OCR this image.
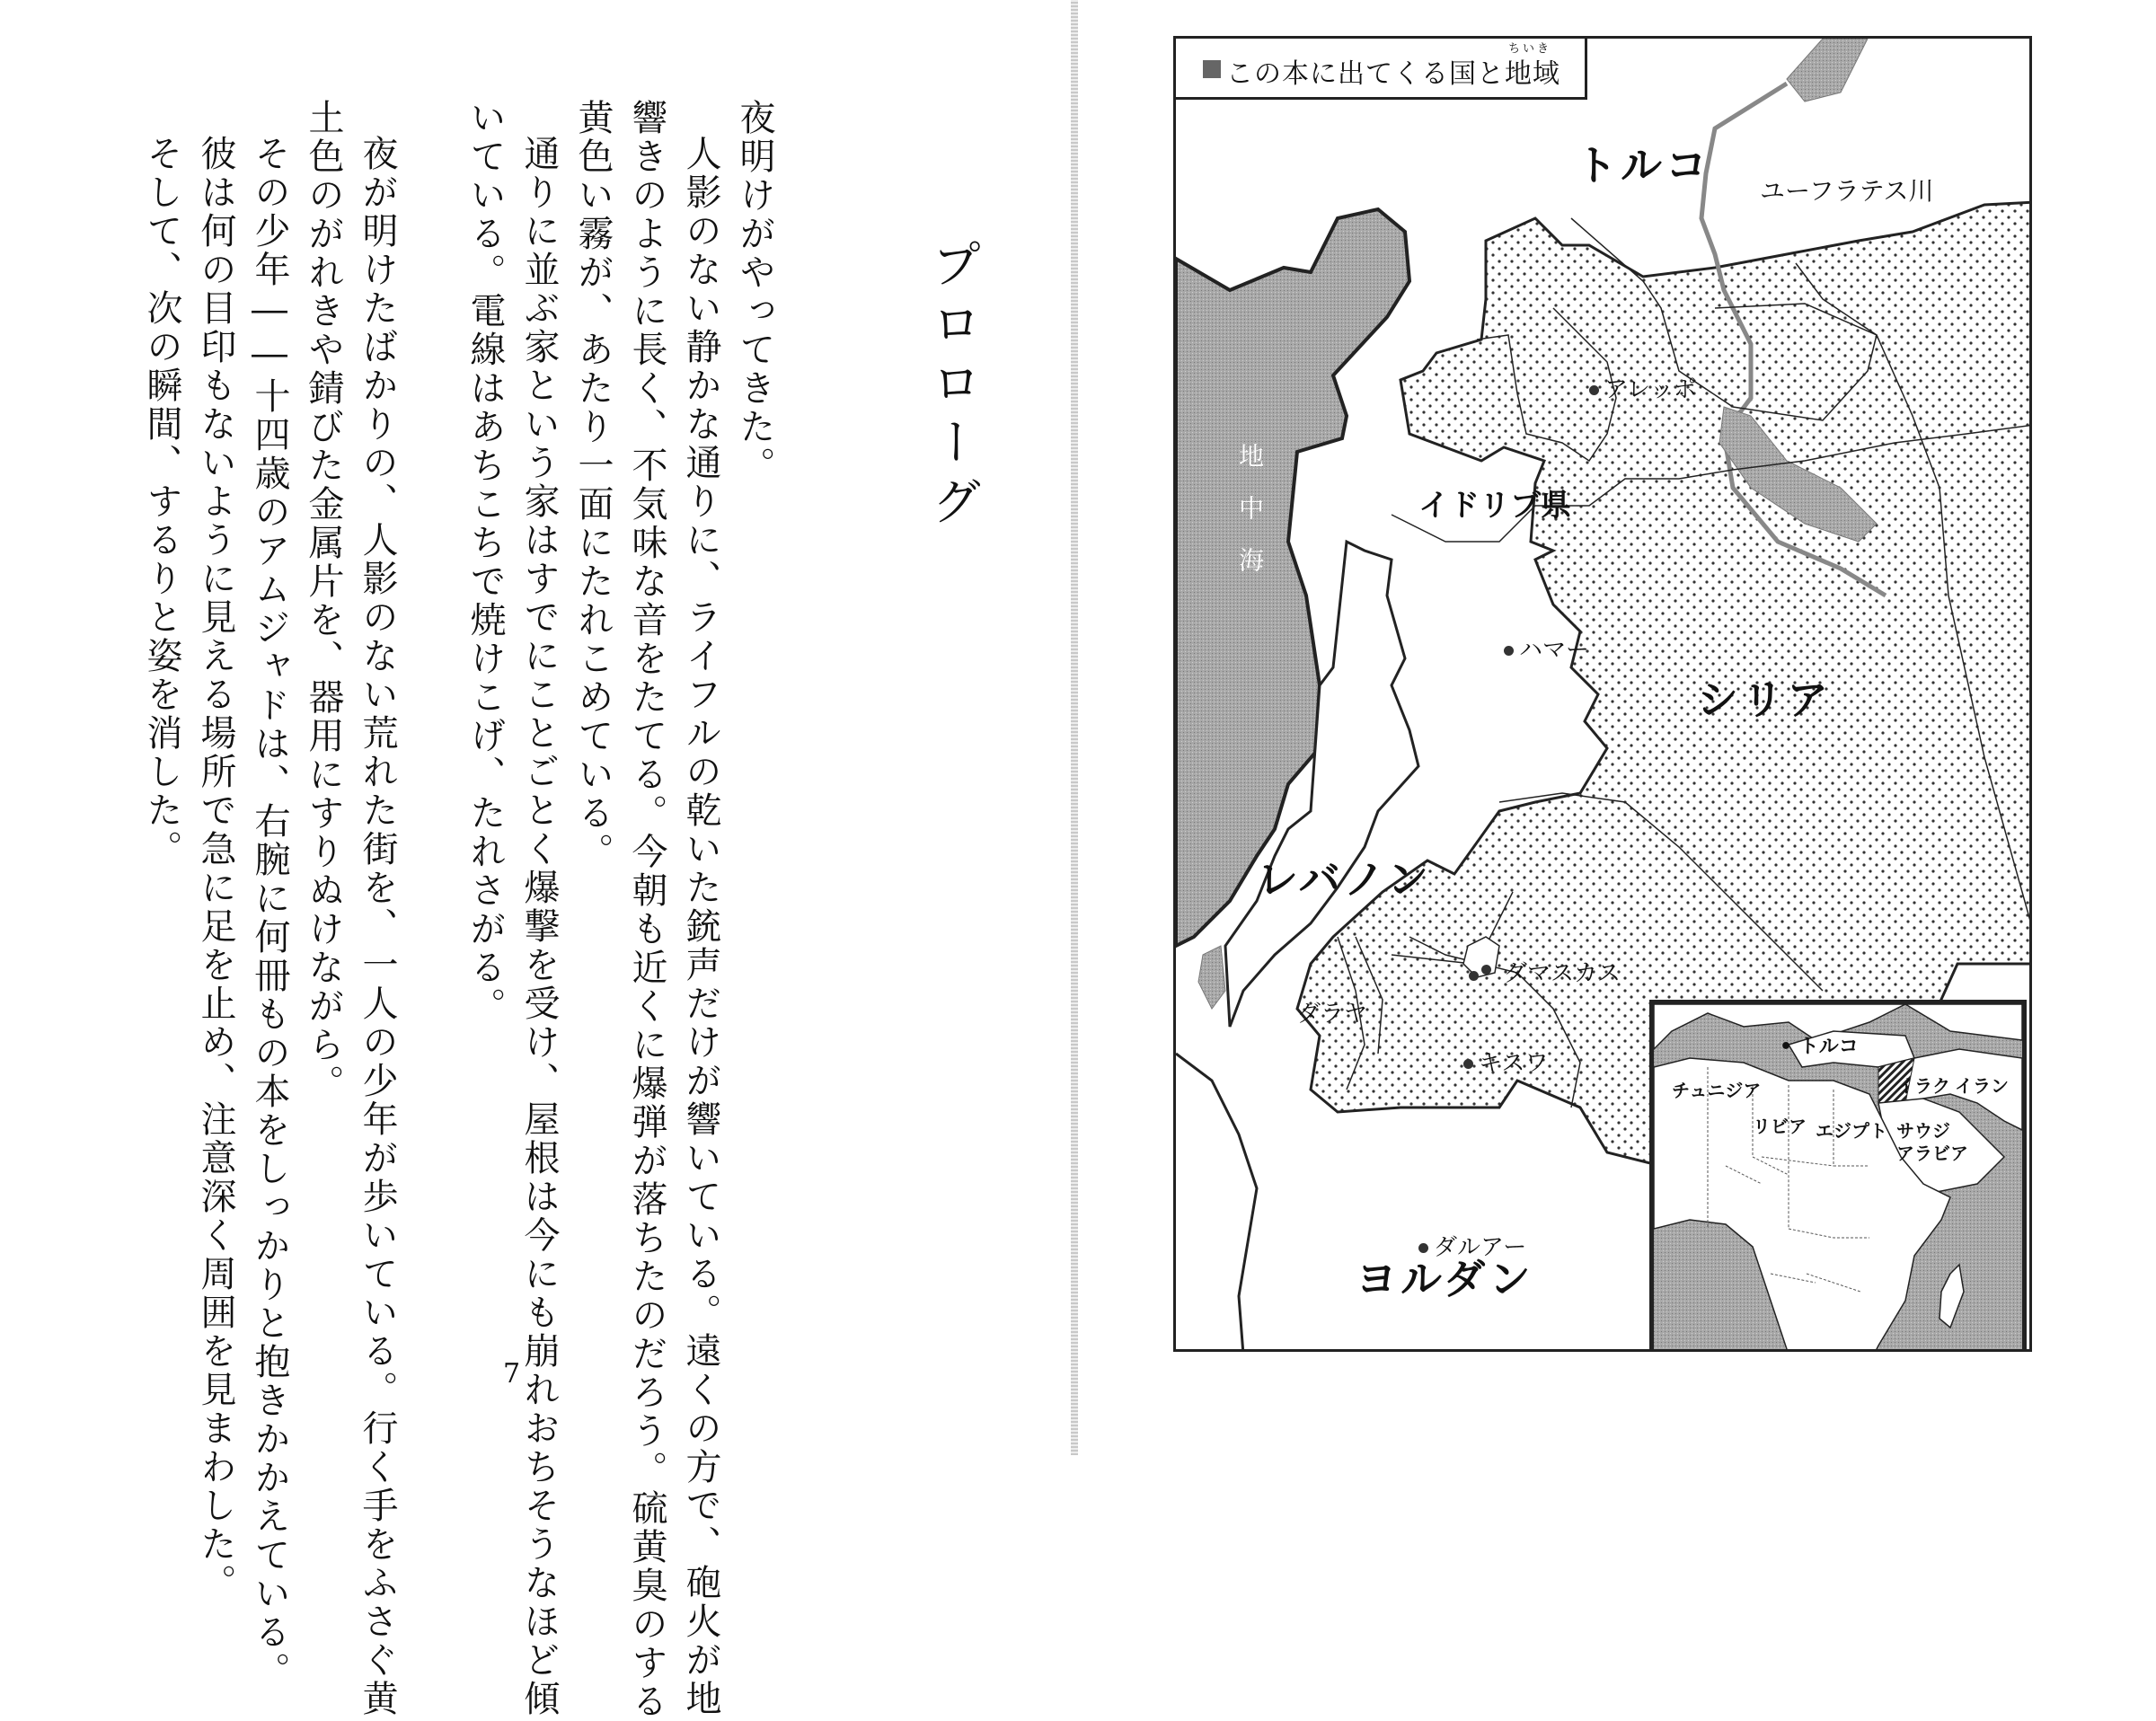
プロローグ
夜明けがやってきた。
人影のない静かな通りに、ライフルの乾いた銃声だけが響いている。遠くの方で、砲火が地
響きのように長く、不気味な音をたてる。今朝も近くに爆弾が落ちたのだろう。硫黄臭のする
黄色い霧が、あたり一面にたれこめている。
通りに並ぶ家という家はすでにことごとく爆撃を受け、屋根は今にも崩れおちそうなほど傾
いている。電線はあちこちで焼けこげ、たれさがる。
夜が明けたばかりの、人影のない荒れた街を、一人の少年が歩いている。行く手をふさぐ黄
土色のがれきや錆びた金属片を、器用にすりぬけながら。
その少年――十四歳のアムジャドは、右腕に何冊もの本をしっかりと抱きかかえている。
彼は何の目印もないように見える場所で急に足を止め、注意深く周囲を見まわした。
そして、次の瞬間、するりと姿を消した。
7
ちいき
この本に出てくる国と地域
トルコ
シリア
レバノン
ヨルダン
ユーフラテス川
地中海	イドリブ県
アレッポ
ハマー
ダマスカス
ダラヤ
キスワ
ダルアー
• トルコ
チュニジア
リビア エジプト
イラク イラン
サウジ
アラビア
